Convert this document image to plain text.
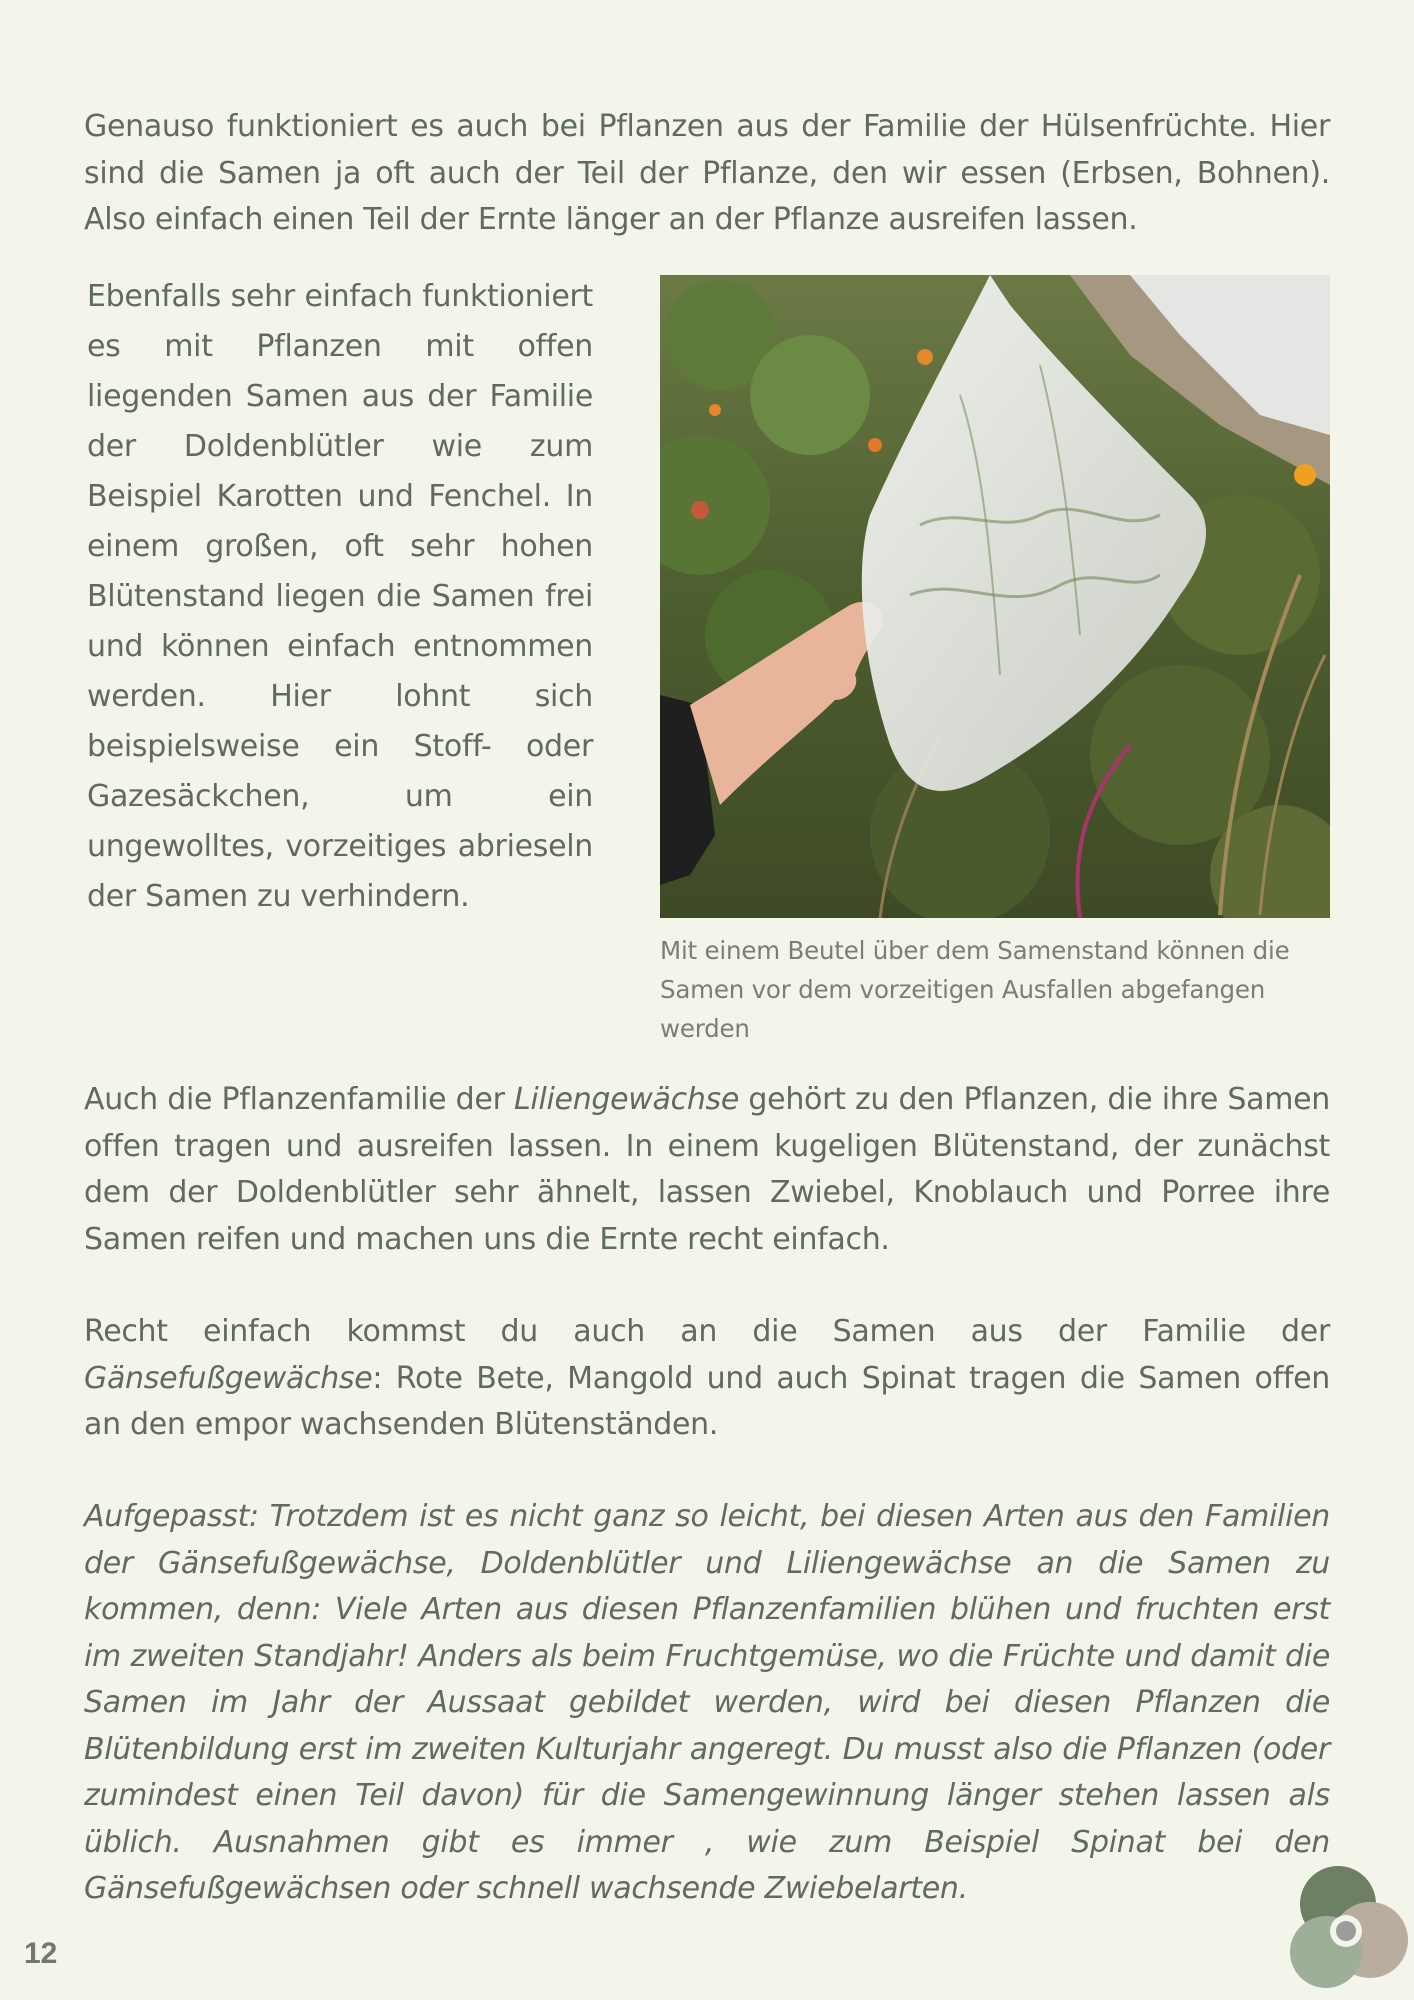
Genauso funktioniert es auch bei Pflanzen aus der Familie der Hülsenfrüchte. Hier sind die Samen ja oft auch der Teil der Pflanze, den wir essen (Erbsen, Bohnen). Also einfach einen Teil der Ernte länger an der Pflanze ausreifen lassen.

Ebenfalls sehr einfach funktioniert es mit Pflanzen mit offen liegenden Samen aus der Familie der Doldenblütler wie zum Beispiel Karotten und Fenchel. In einem großen, oft sehr hohen Blütenstand liegen die Samen frei und können einfach entnommen werden. Hier lohnt sich beispielsweise ein Stoff- oder Gazesäckchen, um ein ungewolltes, vorzeitiges abrieseln der Samen zu verhindern.

Mit einem Beutel über dem Samenstand können die Samen vor dem vorzeitigen Ausfallen abgefangen werden

Auch die Pflanzenfamilie der Liliengewächse gehört zu den Pflanzen, die ihre Samen offen tragen und ausreifen lassen. In einem kugeligen Blütenstand, der zunächst dem der Doldenblütler sehr ähnelt, lassen Zwiebel, Knoblauch und Porree ihre Samen reifen und machen uns die Ernte recht einfach.

Recht einfach kommst du auch an die Samen aus der Familie der Gänsefußgewächse: Rote Bete, Mangold und auch Spinat tragen die Samen offen an den empor wachsenden Blütenständen.

Aufgepasst: Trotzdem ist es nicht ganz so leicht, bei diesen Arten aus den Familien der Gänsefußgewächse, Doldenblütler und Liliengewächse an die Samen zu kommen, denn: Viele Arten aus diesen Pflanzenfamilien blühen und fruchten erst im zweiten Standjahr! Anders als beim Fruchtgemüse, wo die Früchte und damit die Samen im Jahr der Aussaat gebildet werden, wird bei diesen Pflanzen die Blütenbildung erst im zweiten Kulturjahr angeregt. Du musst also die Pflanzen (oder zumindest einen Teil davon) für die Samengewinnung länger stehen lassen als üblich. Ausnahmen gibt es immer , wie zum Beispiel Spinat bei den Gänsefußgewächsen oder schnell wachsende Zwiebelarten.

12
